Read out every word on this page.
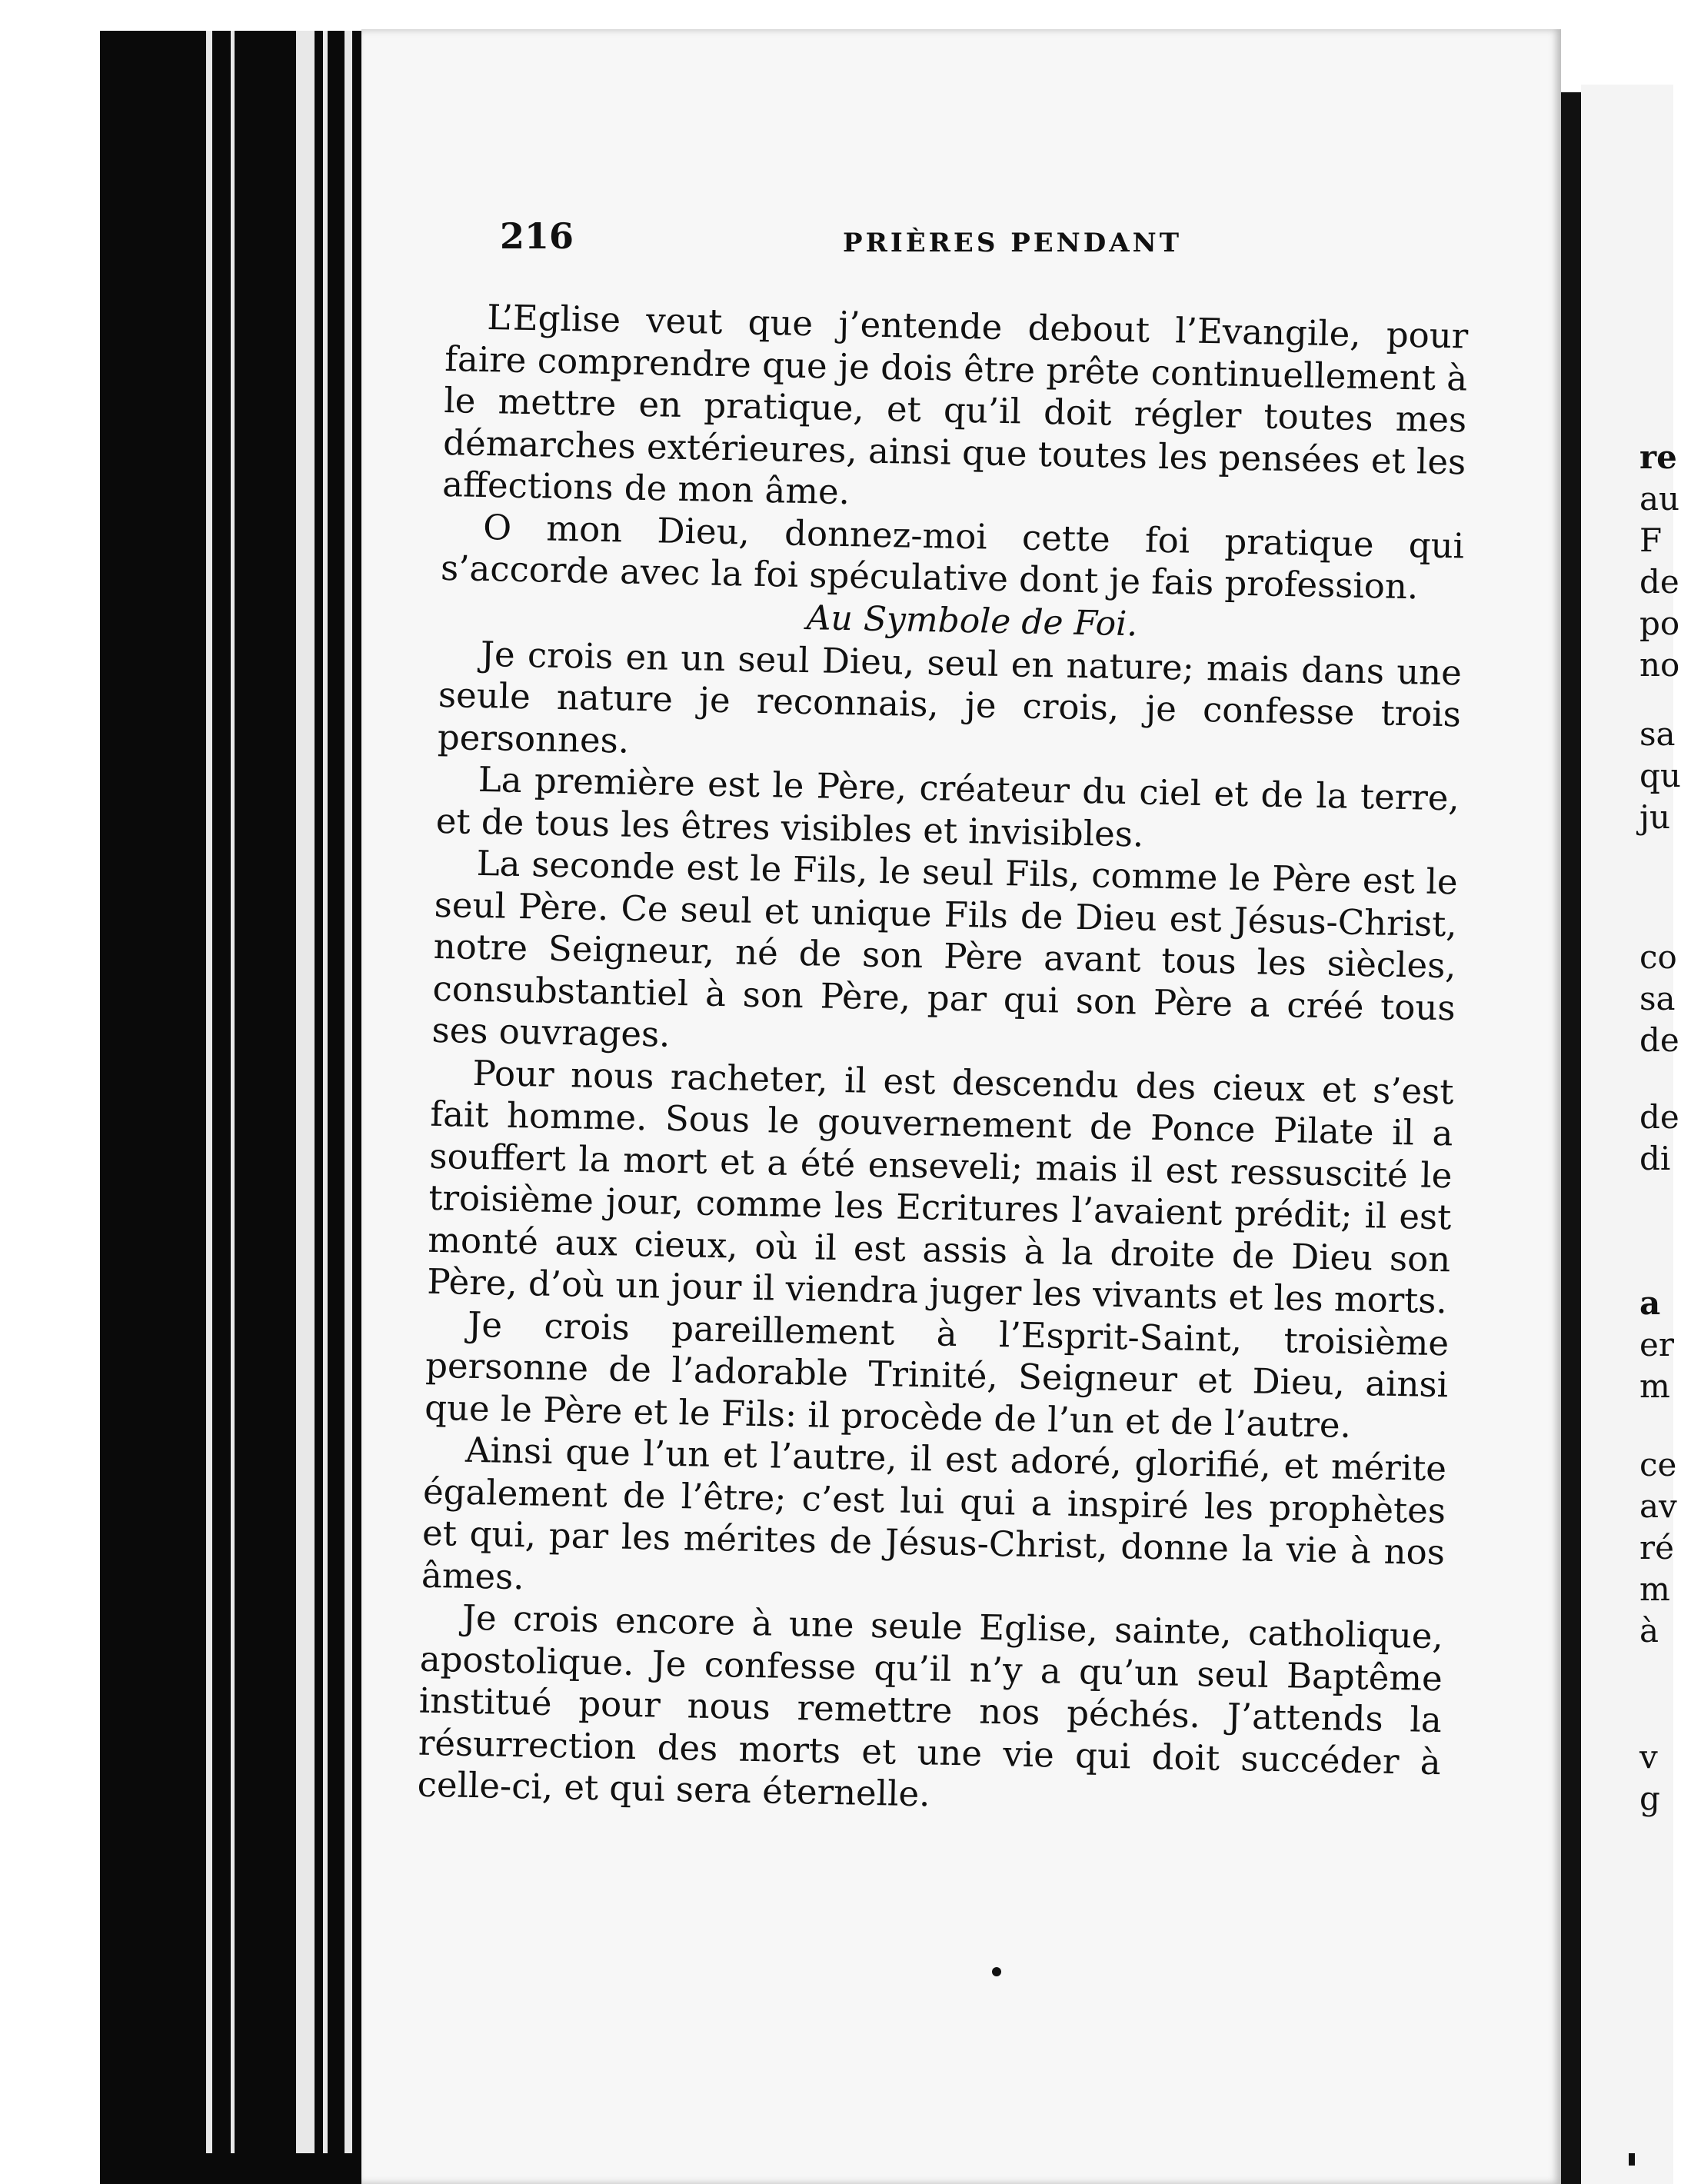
re
au
F
de
po
no
sa
qu
ju
co
sa
de
de
di
a
er
m
ce
av
ré
m
à
v
g
216	PRIÈRES PENDANT

L’Eglise veut que j’entende debout l’Evangile, pour faire comprendre que je dois être prête continuellement à le mettre en pratique, et qu’il doit régler toutes mes démarches extérieures, ainsi que toutes les pensées et les affections de mon âme.

O mon Dieu, donnez-moi cette foi pratique qui s’accorde avec la foi spéculative dont je fais profession.

Au Symbole de Foi.

Je crois en un seul Dieu, seul en nature; mais dans une seule nature je reconnais, je crois, je confesse trois personnes.

La première est le Père, créateur du ciel et de la terre, et de tous les êtres visibles et invisibles.

La seconde est le Fils, le seul Fils, comme le Père est le seul Père. Ce seul et unique Fils de Dieu est Jésus-Christ, notre Seigneur, né de son Père avant tous les siècles, consubstantiel à son Père, par qui son Père a créé tous ses ouvrages.

Pour nous racheter, il est descendu des cieux et s’est fait homme. Sous le gouvernement de Ponce Pilate il a souffert la mort et a été enseveli; mais il est ressuscité le troisième jour, comme les Ecritures l’avaient prédit; il est monté aux cieux, où il est assis à la droite de Dieu son Père, d’où un jour il viendra juger les vivants et les morts.

Je crois pareillement à l’Esprit-Saint, troisième personne de l’adorable Trinité, Seigneur et Dieu, ainsi que le Père et le Fils: il procède de l’un et de l’autre.

Ainsi que l’un et l’autre, il est adoré, glorifié, et mérite également de l’être; c’est lui qui a inspiré les prophètes et qui, par les mérites de Jésus-Christ, donne la vie à nos âmes.

Je crois encore à une seule Eglise, sainte, catholique, apostolique. Je confesse qu’il n’y a qu’un seul Baptême institué pour nous remettre nos péchés. J’attends la résurrection des morts et une vie qui doit succéder à celle-ci, et qui sera éternelle.
